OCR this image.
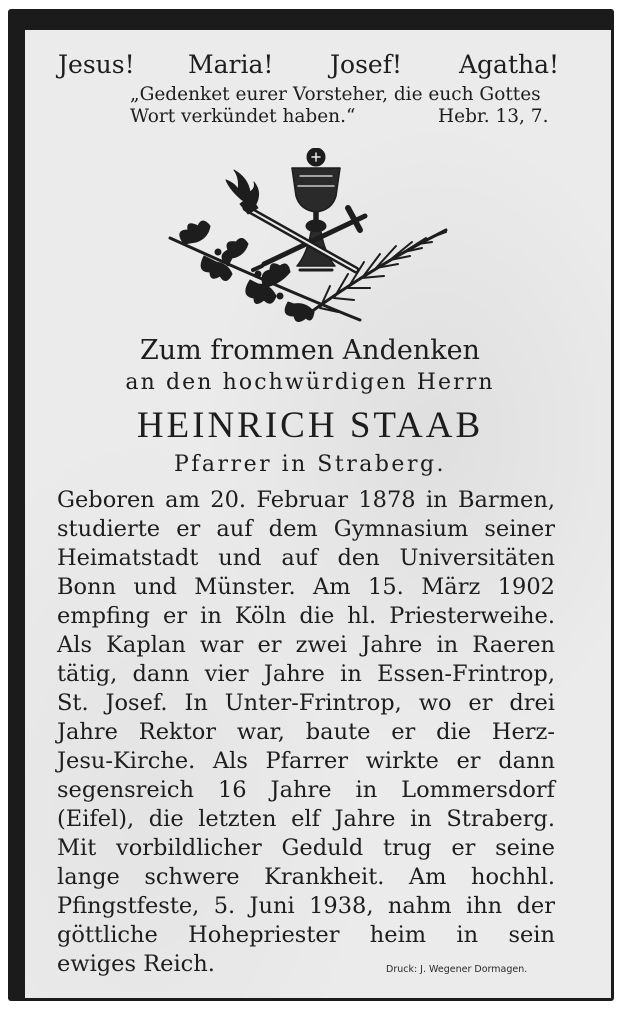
Jesus! Maria! Josef! Agatha!
„Gedenket eurer Vorsteher, die euch Gottes
Wort verkündet haben.“	Hebr. 13, 7.
Zum frommen Andenken
an den hochwürdigen Herrn
HEINRICH STAAB
Pfarrer in Straberg.
Geboren am 20. Februar 1878 in Barmen,
studierte er auf dem Gymnasium seiner
Heimatstadt und auf den Universitäten
Bonn und Münster. Am 15. März 1902
empfing er in Köln die hl. Priesterweihe.
Als Kaplan war er zwei Jahre in Raeren
tätig, dann vier Jahre in Essen-Frintrop,
St. Josef. In Unter-Frintrop, wo er drei
Jahre Rektor war, baute er die Herz-
Jesu-Kirche. Als Pfarrer wirkte er dann
segensreich 16 Jahre in Lommersdorf
(Eifel), die letzten elf Jahre in Straberg.
Mit vorbildlicher Geduld trug er seine
lange schwere Krankheit. Am hochhl.
Pfingstfeste, 5. Juni 1938, nahm ihn der
göttliche Hohepriester heim in sein
ewiges Reich.	Druck: J. Wegener Dormagen.
